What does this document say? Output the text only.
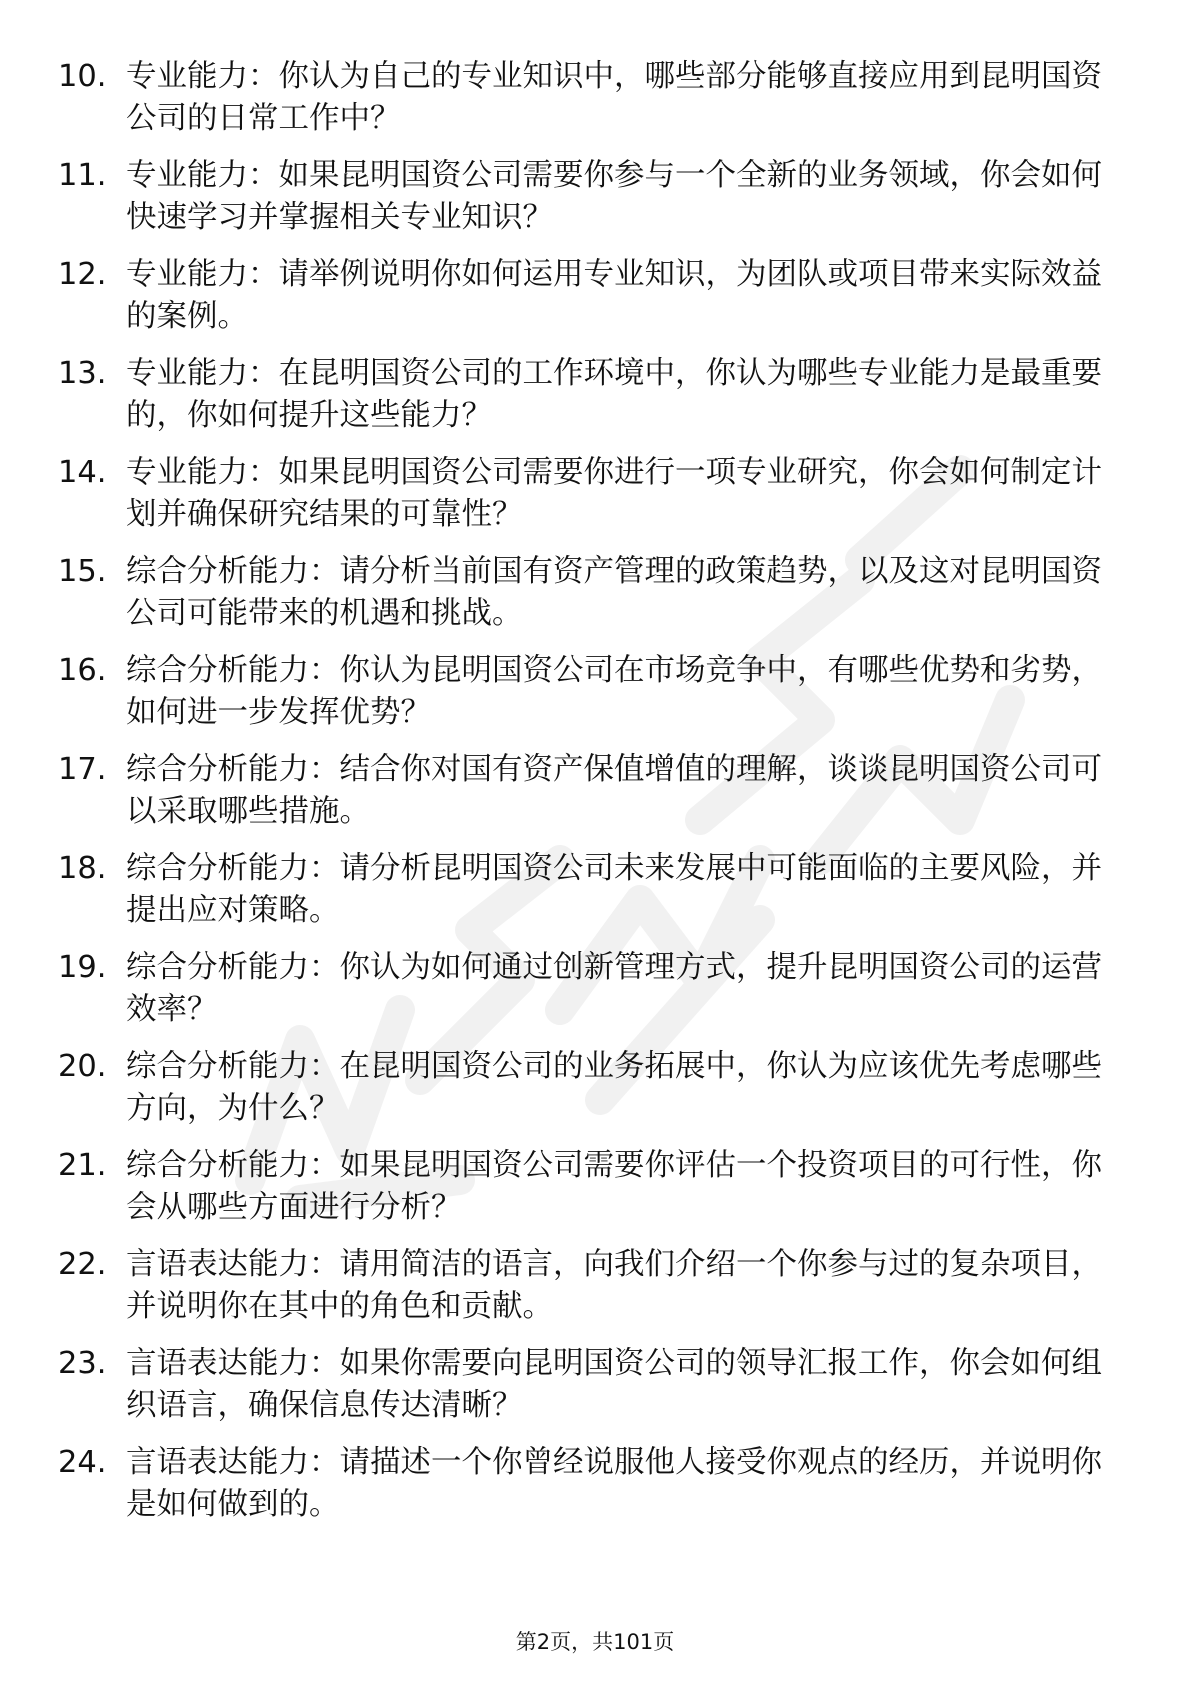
10. 专业能力：你认为自己的专业知识中，哪些部分能够直接应用到昆明国资公司的日常工作中？
11. 专业能力：如果昆明国资公司需要你参与一个全新的业务领域，你会如何快速学习并掌握相关专业知识？
12. 专业能力：请举例说明你如何运用专业知识，为团队或项目带来实际效益的案例。
13. 专业能力：在昆明国资公司的工作环境中，你认为哪些专业能力是最重要的，你如何提升这些能力？
14. 专业能力：如果昆明国资公司需要你进行一项专业研究，你会如何制定计划并确保研究结果的可靠性？
15. 综合分析能力：请分析当前国有资产管理的政策趋势，以及这对昆明国资公司可能带来的机遇和挑战。
16. 综合分析能力：你认为昆明国资公司在市场竞争中，有哪些优势和劣势，如何进一步发挥优势？
17. 综合分析能力：结合你对国有资产保值增值的理解，谈谈昆明国资公司可以采取哪些措施。
18. 综合分析能力：请分析昆明国资公司未来发展中可能面临的主要风险，并提出应对策略。
19. 综合分析能力：你认为如何通过创新管理方式，提升昆明国资公司的运营效率？
20. 综合分析能力：在昆明国资公司的业务拓展中，你认为应该优先考虑哪些方向，为什么？
21. 综合分析能力：如果昆明国资公司需要你评估一个投资项目的可行性，你会从哪些方面进行分析？
22. 言语表达能力：请用简洁的语言，向我们介绍一个你参与过的复杂项目，并说明你在其中的角色和贡献。
23. 言语表达能力：如果你需要向昆明国资公司的领导汇报工作，你会如何组织语言，确保信息传达清晰？
24. 言语表达能力：请描述一个你曾经说服他人接受你观点的经历，并说明你是如何做到的。
第2页，共101页
